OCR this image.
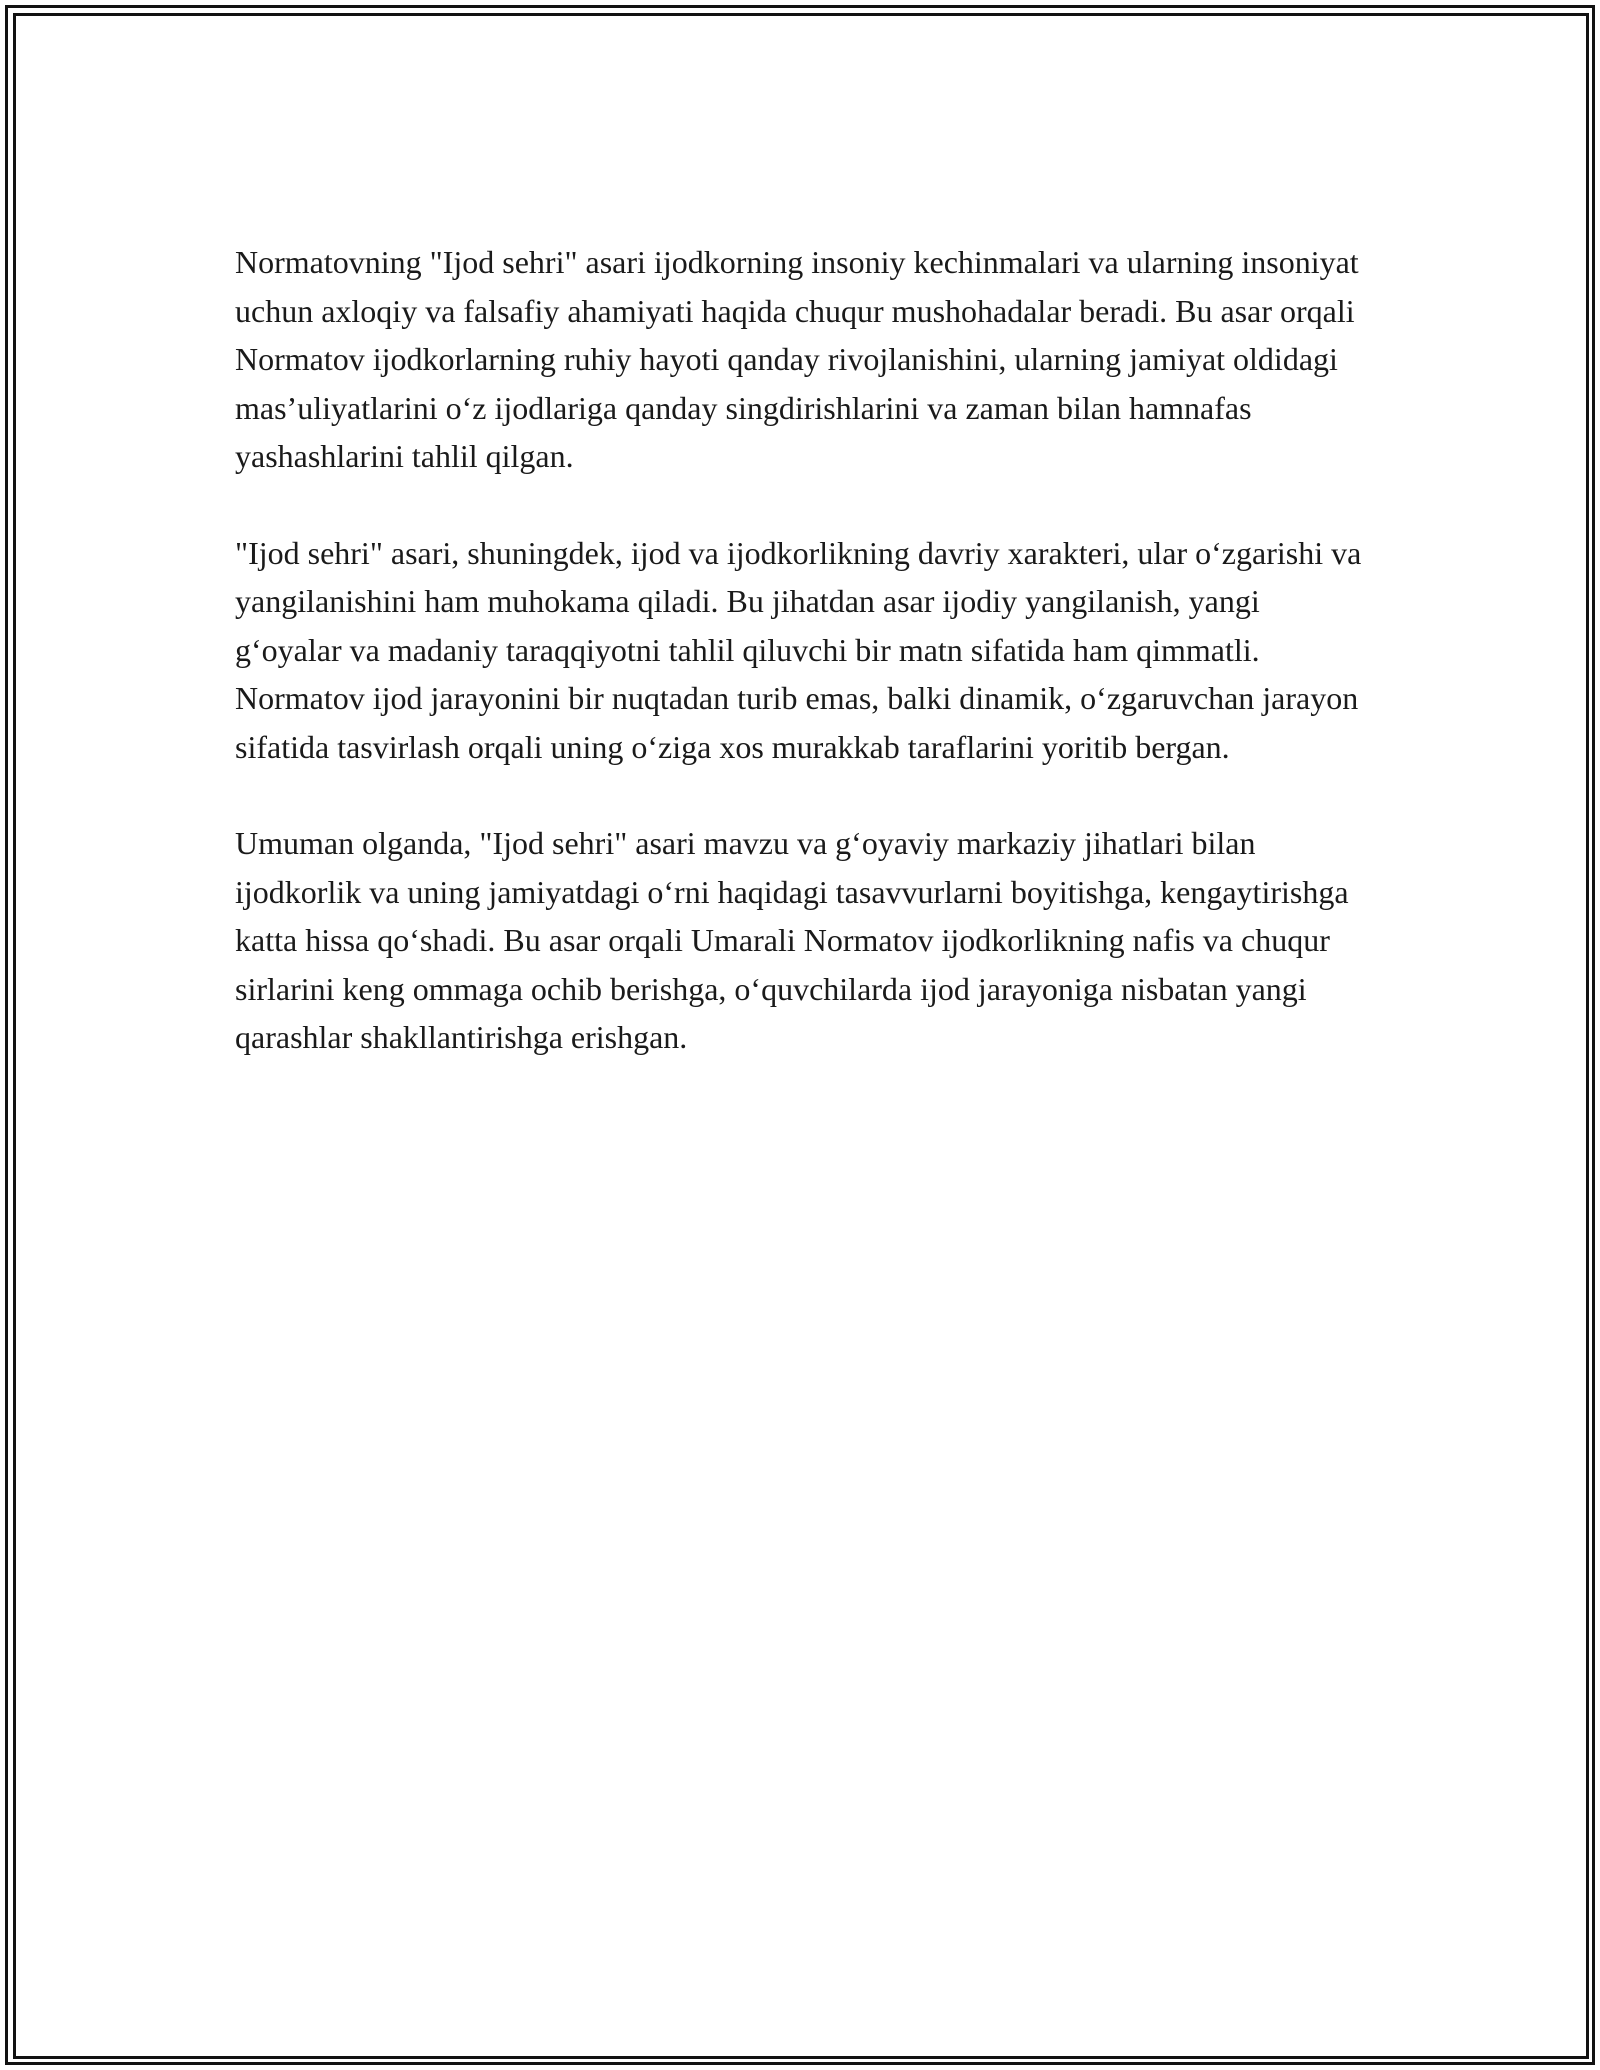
Normatovning "Ijod sehri" asari ijodkorning insoniy kechinmalari va ularning insoniyat uchun axloqiy va falsafiy ahamiyati haqida chuqur mushohadalar beradi. Bu asar orqali Normatov ijodkorlarning ruhiy hayoti qanday rivojlanishini, ularning jamiyat oldidagi mas’uliyatlarini o‘z ijodlariga qanday singdirishlarini va zaman bilan hamnafas yashashlarini tahlil qilgan.

"Ijod sehri" asari, shuningdek, ijod va ijodkorlikning davriy xarakteri, ular o‘zgarishi va yangilanishini ham muhokama qiladi. Bu jihatdan asar ijodiy yangilanish, yangi g‘oyalar va madaniy taraqqiyotni tahlil qiluvchi bir matn sifatida ham qimmatli. Normatov ijod jarayonini bir nuqtadan turib emas, balki dinamik, o‘zgaruvchan jarayon sifatida tasvirlash orqali uning o‘ziga xos murakkab taraflarini yoritib bergan.

Umuman olganda, "Ijod sehri" asari mavzu va g‘oyaviy markaziy jihatlari bilan ijodkorlik va uning jamiyatdagi o‘rni haqidagi tasavvurlarni boyitishga, kengaytirishga katta hissa qo‘shadi. Bu asar orqali Umarali Normatov ijodkorlikning nafis va chuqur sirlarini keng ommaga ochib berishga, o‘quvchilarda ijod jarayoniga nisbatan yangi qarashlar shakllantirishga erishgan.
